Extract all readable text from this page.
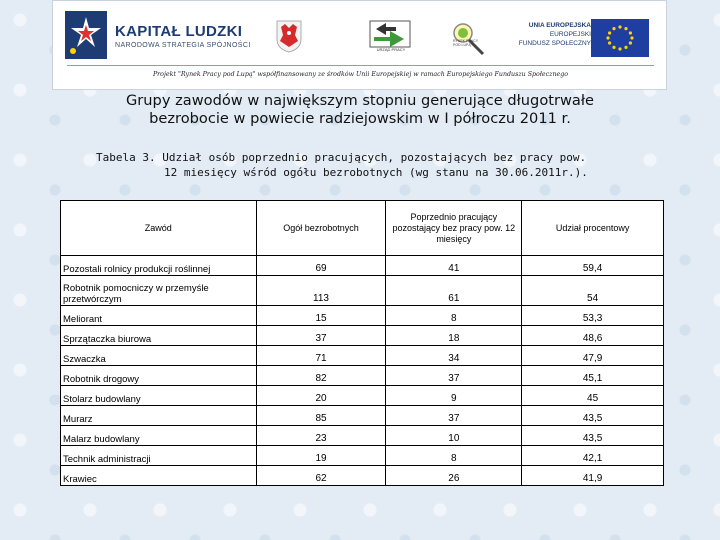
KAPITAŁ LUDZKI
NARODOWA STRATEGIA SPÓJNOŚCI
URZĄD PRACY
RYNEK PRACY POD LUPĄ
UNIA EUROPEJSKA
EUROPEJSKI
FUNDUSZ SPOŁECZNY
Projekt "Rynek Pracy pod Lupą" współfinansowany ze środków Unii Europejskiej w ramach Europejskiego Funduszu Społecznego
Grupy zawodów w największym stopniu generujące długotrwałe
bezrobocie w powiecie radziejowskim w I półroczu 2011 r.
Tabela 3. Udział osób poprzednio pracujących, pozostających bez pracy pow.
12 miesięcy wśród ogółu bezrobotnych (wg stanu na 30.06.2011r.).
Zawód	Ogół bezrobotnych	Poprzednio pracujący pozostający bez pracy pow. 12 miesięcy	Udział procentowy
Pozostali rolnicy produkcji roślinnej	69	41	59,4
Robotnik pomocniczy w przemyśle przetwórczym	113	61	54
Meliorant	15	8	53,3
Sprzątaczka biurowa	37	18	48,6
Szwaczka	71	34	47,9
Robotnik drogowy	82	37	45,1
Stolarz budowlany	20	9	45
Murarz	85	37	43,5
Malarz budowlany	23	10	43,5
Technik administracji	19	8	42,1
Krawiec	62	26	41,9
